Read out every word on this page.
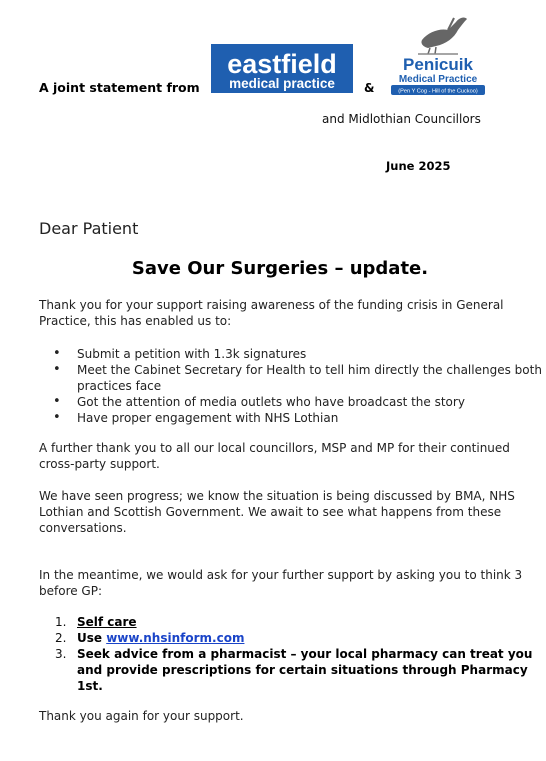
A joint statement from
eastfield
medical practice &
Penicuik
Medical Practice
(Pen Y Cog - Hill of the Cuckoo)
and Midlothian Councillors
June 2025
Dear Patient
Save Our Surgeries – update.
Thank you for your support raising awareness of the funding crisis in General Practice, this has enabled us to:
• Submit a petition with 1.3k signatures
• Meet the Cabinet Secretary for Health to tell him directly the challenges both practices face
• Got the attention of media outlets who have broadcast the story
• Have proper engagement with NHS Lothian
A further thank you to all our local councillors, MSP and MP for their continued cross-party support.
We have seen progress; we know the situation is being discussed by BMA, NHS Lothian and Scottish Government. We await to see what happens from these conversations.
In the meantime, we would ask for your further support by asking you to think 3 before GP:
1. Self care
2. Use www.nhsinform.com
3. Seek advice from a pharmacist – your local pharmacy can treat you and provide prescriptions for certain situations through Pharmacy 1st.
Thank you again for your support.
